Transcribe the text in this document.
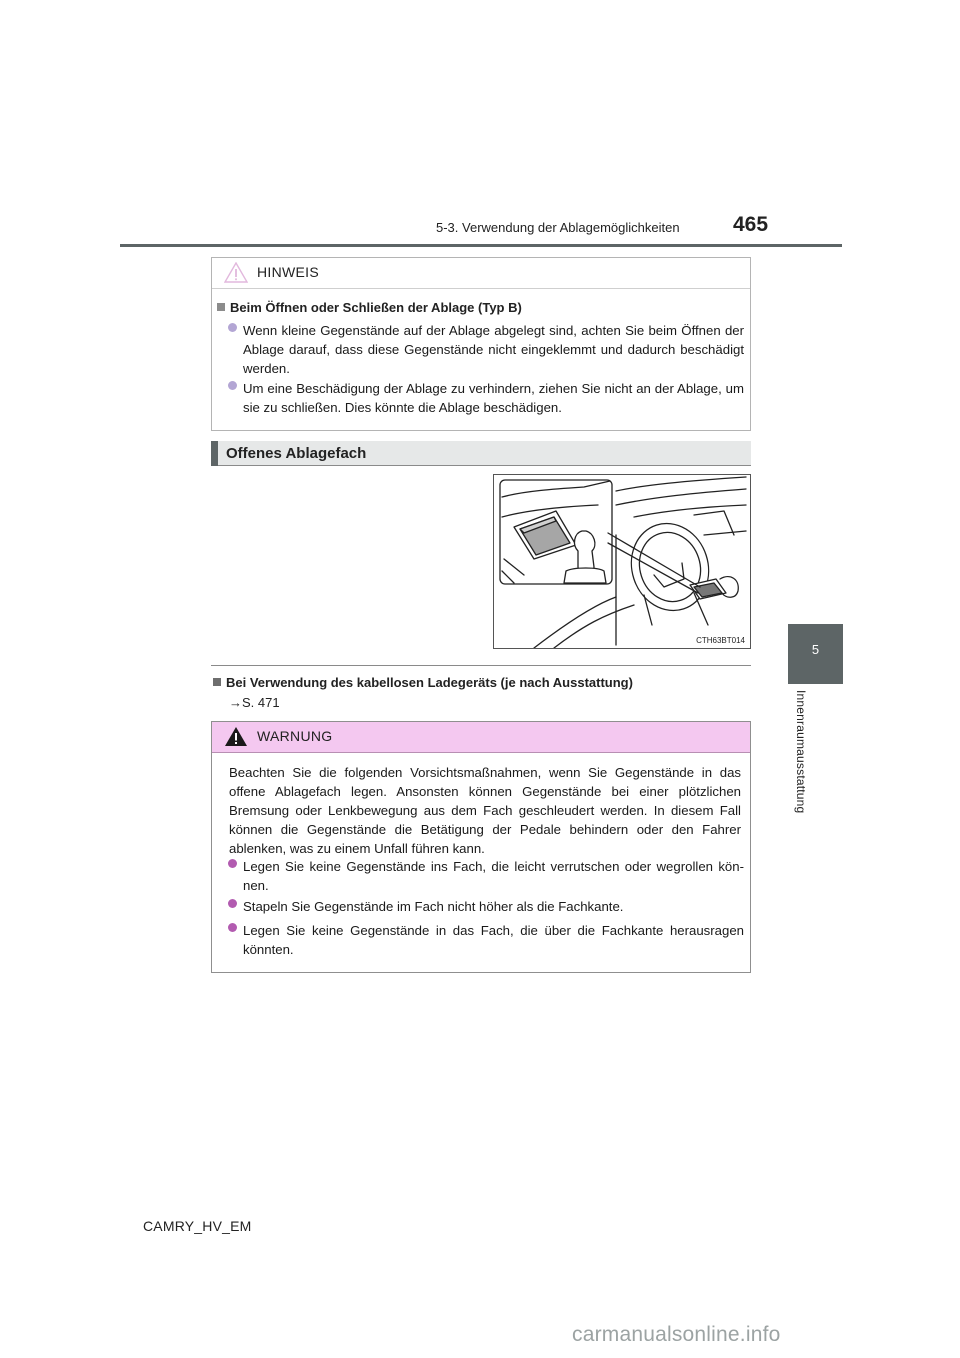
5-3. Verwendung der Ablagemöglichkeiten	465
5
Innenraumausstattung
HINWEIS
Beim Öffnen oder Schließen der Ablage (Typ B)
Wenn kleine Gegenstände auf der Ablage abgelegt sind, achten Sie beim Öffnen der Ablage darauf, dass diese Gegenstände nicht eingeklemmt und dadurch beschädigt werden.
Um eine Beschädigung der Ablage zu verhindern, ziehen Sie nicht an der Ablage, um sie zu schließen. Dies könnte die Ablage beschädigen.
Offenes Ablagefach
CTH63BT014
Bei Verwendung des kabellosen Ladegeräts (je nach Ausstattung)
→S. 471
WARNUNG
Beachten Sie die folgenden Vorsichtsmaßnahmen, wenn Sie Gegenstände in das offene Ablagefach legen. Ansonsten können Gegenstände bei einer plötzlichen Bremsung oder Lenkbewegung aus dem Fach geschleudert werden. In diesem Fall können die Gegenstände die Betätigung der Pedale behindern oder den Fahrer ablenken, was zu einem Unfall führen kann.
Legen Sie keine Gegenstände ins Fach, die leicht verrutschen oder wegrollen kön-nen.
Stapeln Sie Gegenstände im Fach nicht höher als die Fachkante.
Legen Sie keine Gegenstände in das Fach, die über die Fachkante herausragen könnten.
CAMRY_HV_EM
carmanualsonline.info
